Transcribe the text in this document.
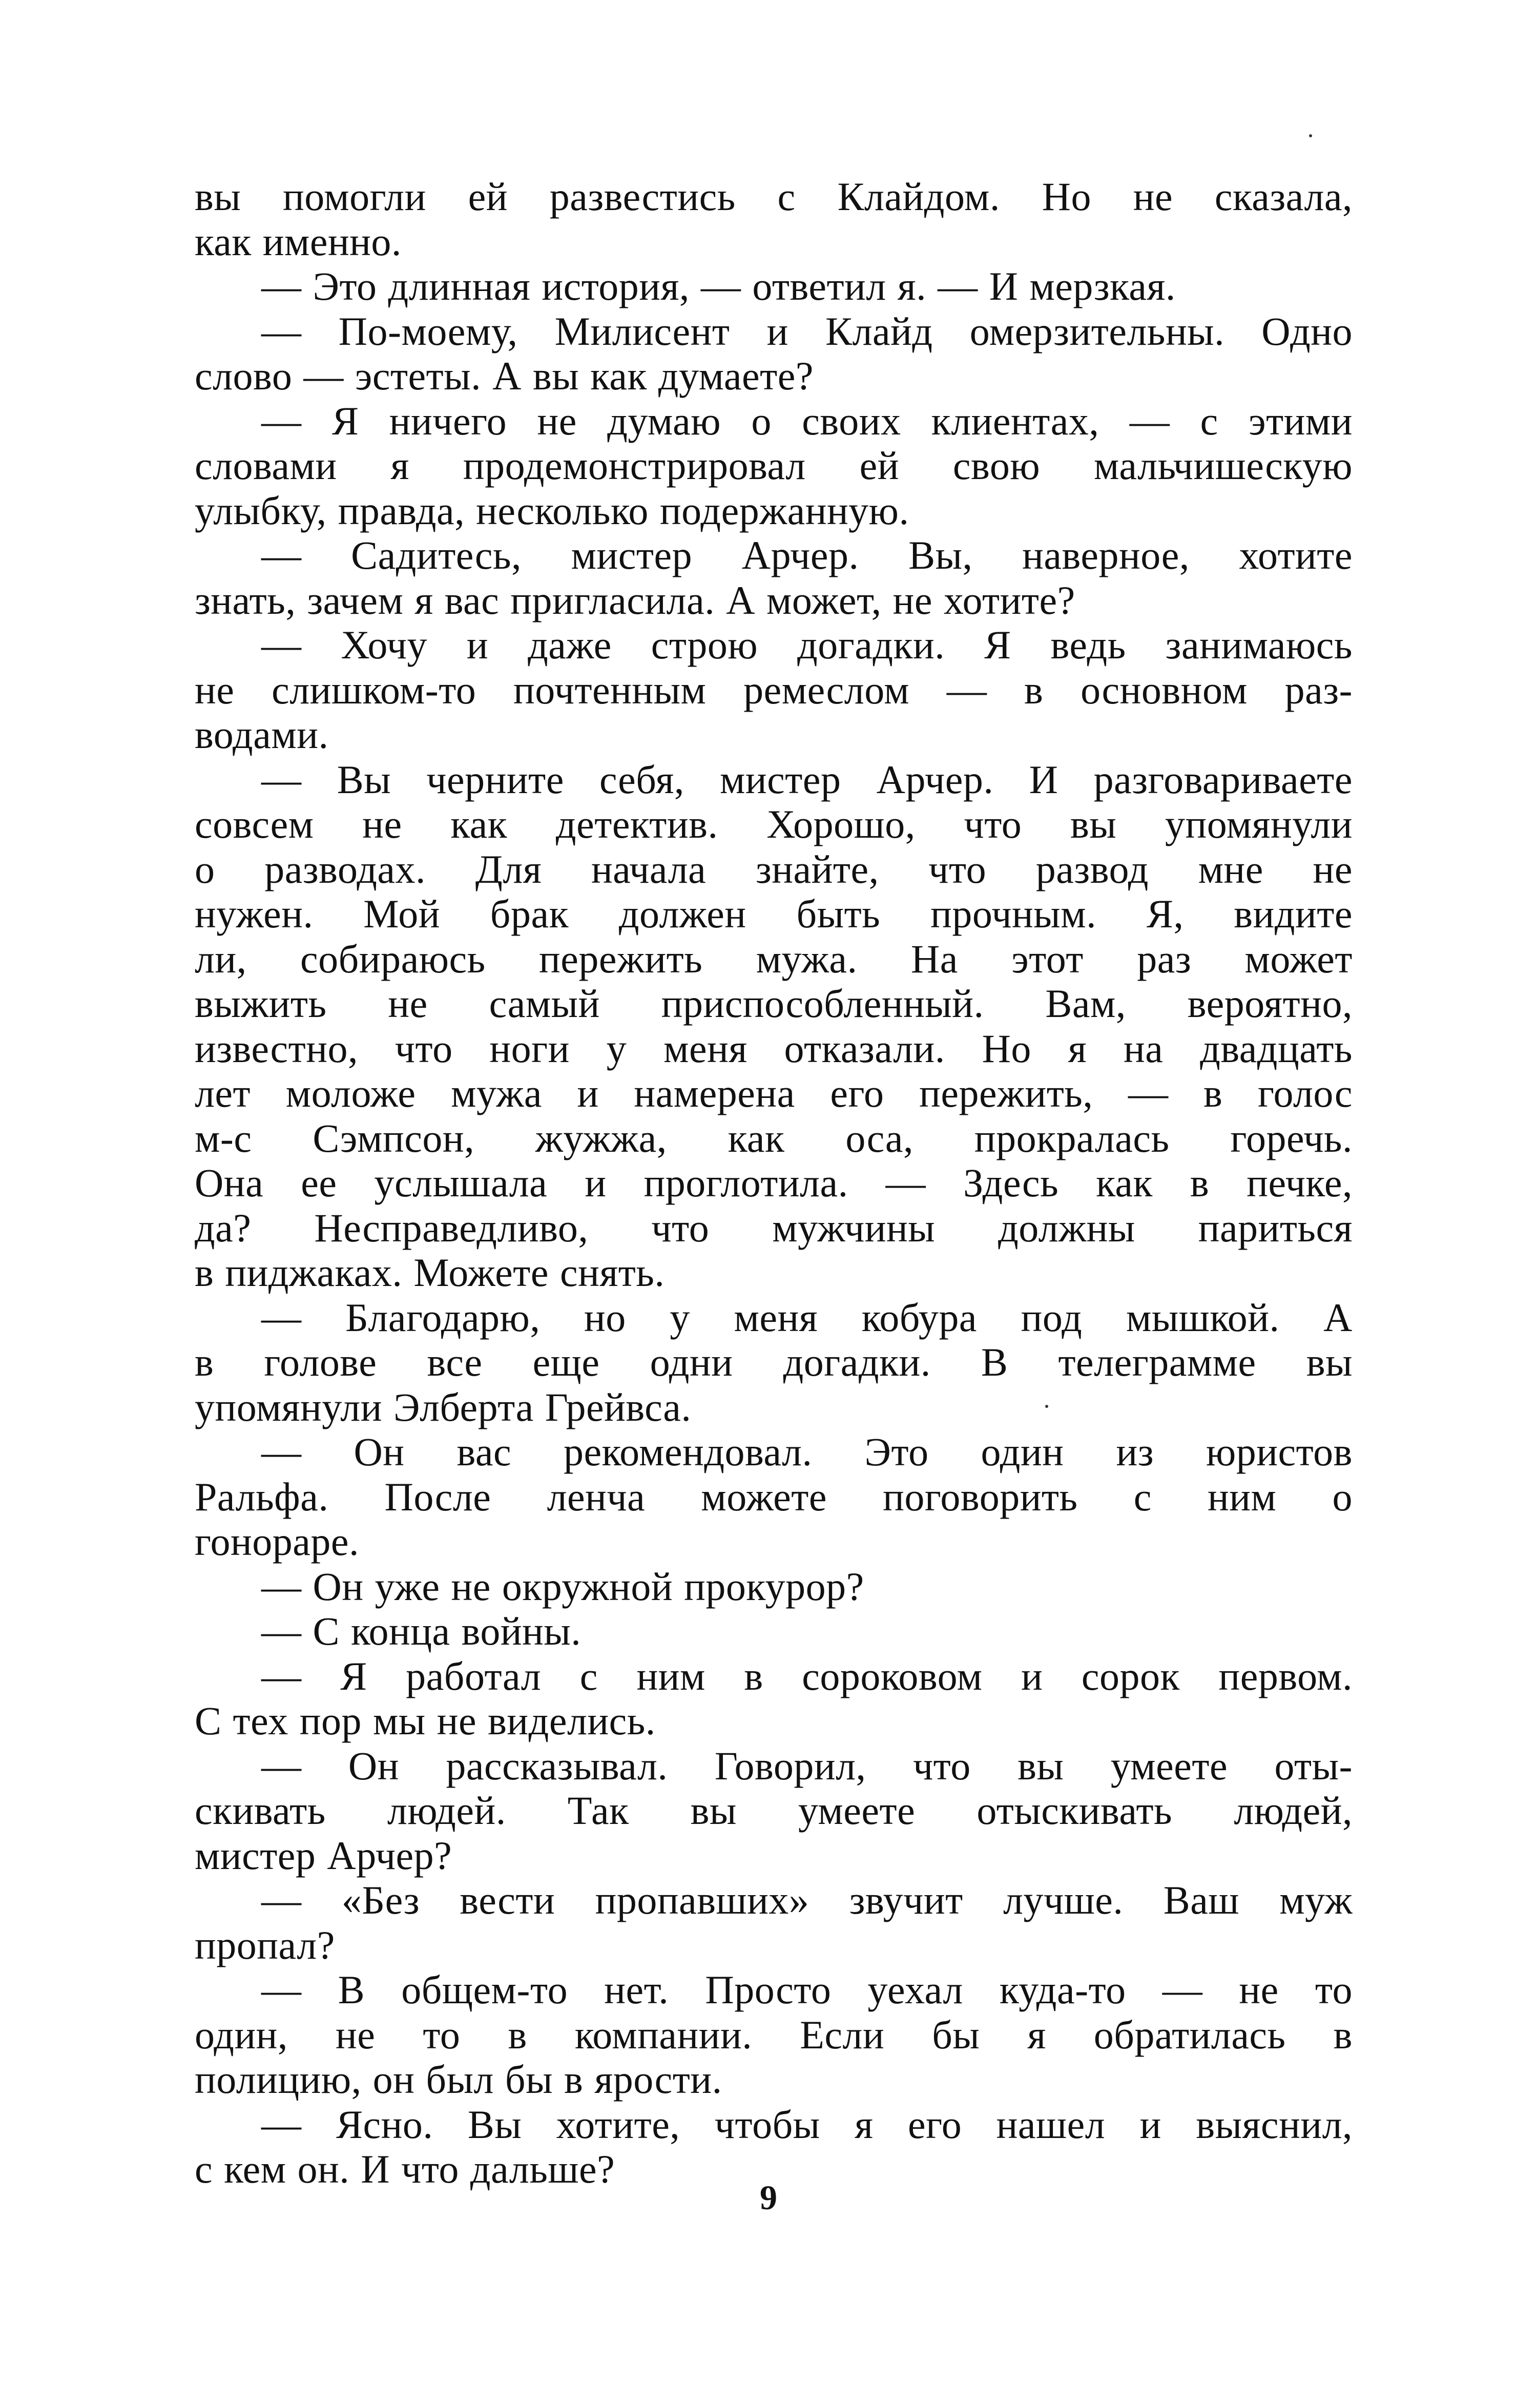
вы помогли ей развестись с Клайдом. Но не сказала,
как именно.
— Это длинная история, — ответил я. — И мерзкая.
— По-моему, Милисент и Клайд омерзительны. Одно
слово — эстеты. А вы как думаете?
— Я ничего не думаю о своих клиентах, — с этими
словами я продемонстрировал ей свою мальчишескую
улыбку, правда, несколько подержанную.
— Садитесь, мистер Арчер. Вы, наверное, хотите
знать, зачем я вас пригласила. А может, не хотите?
— Хочу и даже строю догадки. Я ведь занимаюсь
не слишком-то почтенным ремеслом — в основном раз-
водами.
— Вы черните себя, мистер Арчер. И разговариваете
совсем не как детектив. Хорошо, что вы упомянули
о разводах. Для начала знайте, что развод мне не
нужен. Мой брак должен быть прочным. Я, видите
ли, собираюсь пережить мужа. На этот раз может
выжить не самый приспособленный. Вам, вероятно,
известно, что ноги у меня отказали. Но я на двадцать
лет моложе мужа и намерена его пережить, — в голос
м-с Сэмпсон, жужжа, как оса, прокралась горечь.
Она ее услышала и проглотила. — Здесь как в печке,
да? Несправедливо, что мужчины должны париться
в пиджаках. Можете снять.
— Благодарю, но у меня кобура под мышкой. А
в голове все еще одни догадки. В телеграмме вы
упомянули Элберта Грейвса.
— Он вас рекомендовал. Это один из юристов
Ральфа. После ленча можете поговорить с ним о
гонораре.
— Он уже не окружной прокурор?
— С конца войны.
— Я работал с ним в сороковом и сорок первом.
С тех пор мы не виделись.
— Он рассказывал. Говорил, что вы умеете оты-
скивать людей. Так вы умеете отыскивать людей,
мистер Арчер?
— «Без вести пропавших» звучит лучше. Ваш муж
пропал?
— В общем-то нет. Просто уехал куда-то — не то
один, не то в компании. Если бы я обратилась в
полицию, он был бы в ярости.
— Ясно. Вы хотите, чтобы я его нашел и выяснил,
с кем он. И что дальше?
9
